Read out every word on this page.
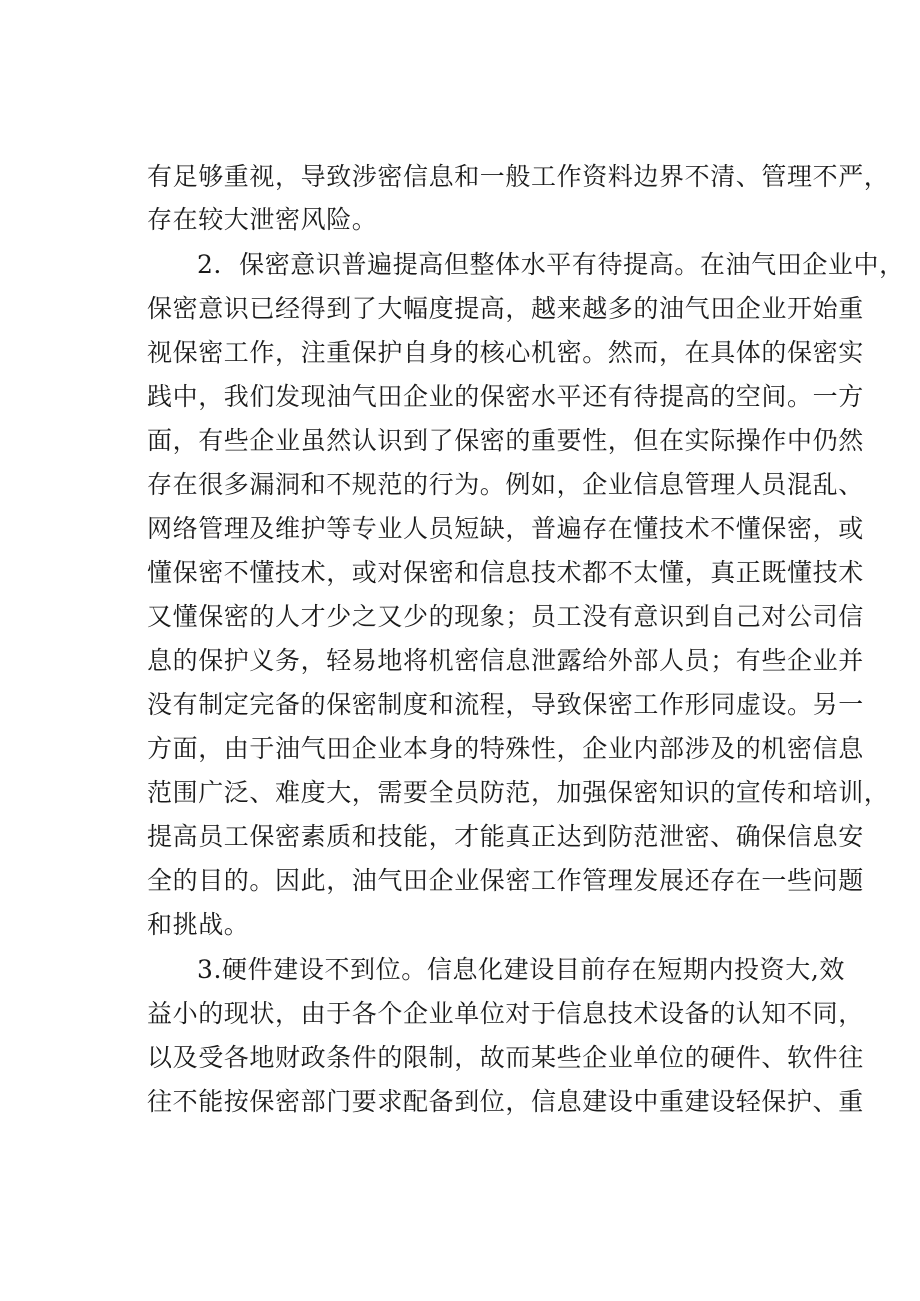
有足够重视，导致涉密信息和一般工作资料边界不清、管理不严，
存在较大泄密风险。
2．保密意识普遍提高但整体水平有待提高。在油气田企业中，
保密意识已经得到了大幅度提高，越来越多的油气田企业开始重
视保密工作，注重保护自身的核心机密。然而，在具体的保密实
践中，我们发现油气田企业的保密水平还有待提高的空间。一方
面，有些企业虽然认识到了保密的重要性，但在实际操作中仍然
存在很多漏洞和不规范的行为。例如，企业信息管理人员混乱、
网络管理及维护等专业人员短缺，普遍存在懂技术不懂保密，或
懂保密不懂技术，或对保密和信息技术都不太懂，真正既懂技术
又懂保密的人才少之又少的现象；员工没有意识到自己对公司信
息的保护义务，轻易地将机密信息泄露给外部人员；有些企业并
没有制定完备的保密制度和流程，导致保密工作形同虚设。另一
方面，由于油气田企业本身的特殊性，企业内部涉及的机密信息
范围广泛、难度大，需要全员防范，加强保密知识的宣传和培训，
提高员工保密素质和技能，才能真正达到防范泄密、确保信息安
全的目的。因此，油气田企业保密工作管理发展还存在一些问题
和挑战。
3.硬件建设不到位。信息化建设目前存在短期内投资大,效
益小的现状，由于各个企业单位对于信息技术设备的认知不同，
以及受各地财政条件的限制，故而某些企业单位的硬件、软件往
往不能按保密部门要求配备到位，信息建设中重建设轻保护、重
